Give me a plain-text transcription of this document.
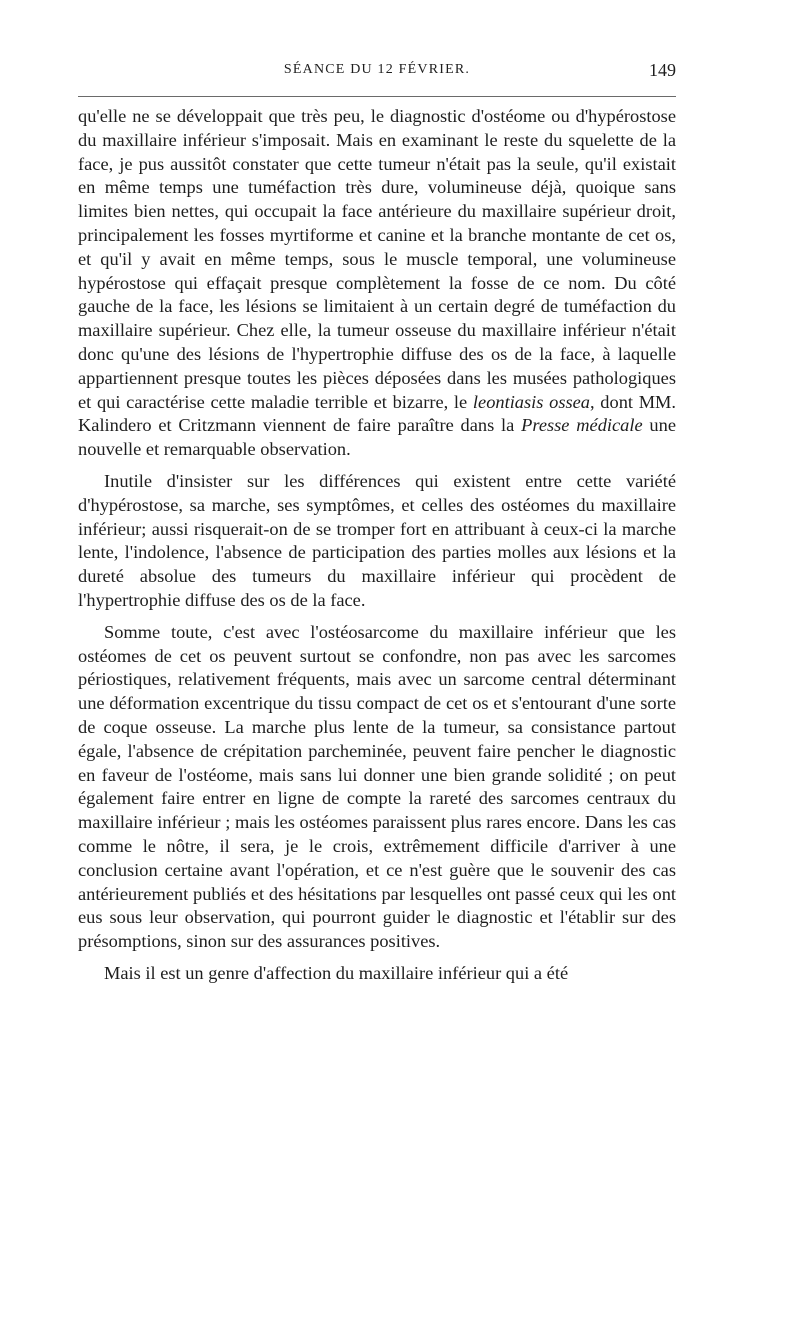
SÉANCE DU 12 FÉVRIER.	149

qu'elle ne se développait que très peu, le diagnostic d'ostéome ou d'hypérostose du maxillaire inférieur s'imposait. Mais en examinant le reste du squelette de la face, je pus aussitôt constater que cette tumeur n'était pas la seule, qu'il existait en même temps une tuméfaction très dure, volumineuse déjà, quoique sans limites bien nettes, qui occupait la face antérieure du maxillaire supérieur droit, principalement les fosses myrtiforme et canine et la branche montante de cet os, et qu'il y avait en même temps, sous le muscle temporal, une volumineuse hypérostose qui effaçait presque complètement la fosse de ce nom. Du côté gauche de la face, les lésions se limitaient à un certain degré de tuméfaction du maxillaire supérieur. Chez elle, la tumeur osseuse du maxillaire inférieur n'était donc qu'une des lésions de l'hypertrophie diffuse des os de la face, à laquelle appartiennent presque toutes les pièces déposées dans les musées pathologiques et qui caractérise cette maladie terrible et bizarre, le leontiasis ossea, dont MM. Kalindero et Critzmann viennent de faire paraître dans la Presse médicale une nouvelle et remarquable observation.

Inutile d'insister sur les différences qui existent entre cette variété d'hypérostose, sa marche, ses symptômes, et celles des ostéomes du maxillaire inférieur; aussi risquerait-on de se tromper fort en attribuant à ceux-ci la marche lente, l'indolence, l'absence de participation des parties molles aux lésions et la dureté absolue des tumeurs du maxillaire inférieur qui procèdent de l'hypertrophie diffuse des os de la face.

Somme toute, c'est avec l'ostéosarcome du maxillaire inférieur que les ostéomes de cet os peuvent surtout se confondre, non pas avec les sarcomes périostiques, relativement fréquents, mais avec un sarcome central déterminant une déformation excentrique du tissu compact de cet os et s'entourant d'une sorte de coque osseuse. La marche plus lente de la tumeur, sa consistance partout égale, l'absence de crépitation parcheminée, peuvent faire pencher le diagnostic en faveur de l'ostéome, mais sans lui donner une bien grande solidité ; on peut également faire entrer en ligne de compte la rareté des sarcomes centraux du maxillaire inférieur ; mais les ostéomes paraissent plus rares encore. Dans les cas comme le nôtre, il sera, je le crois, extrêmement difficile d'arriver à une conclusion certaine avant l'opération, et ce n'est guère que le souvenir des cas antérieurement publiés et des hésitations par lesquelles ont passé ceux qui les ont eus sous leur observation, qui pourront guider le diagnostic et l'établir sur des présomptions, sinon sur des assurances positives.

Mais il est un genre d'affection du maxillaire inférieur qui a été
